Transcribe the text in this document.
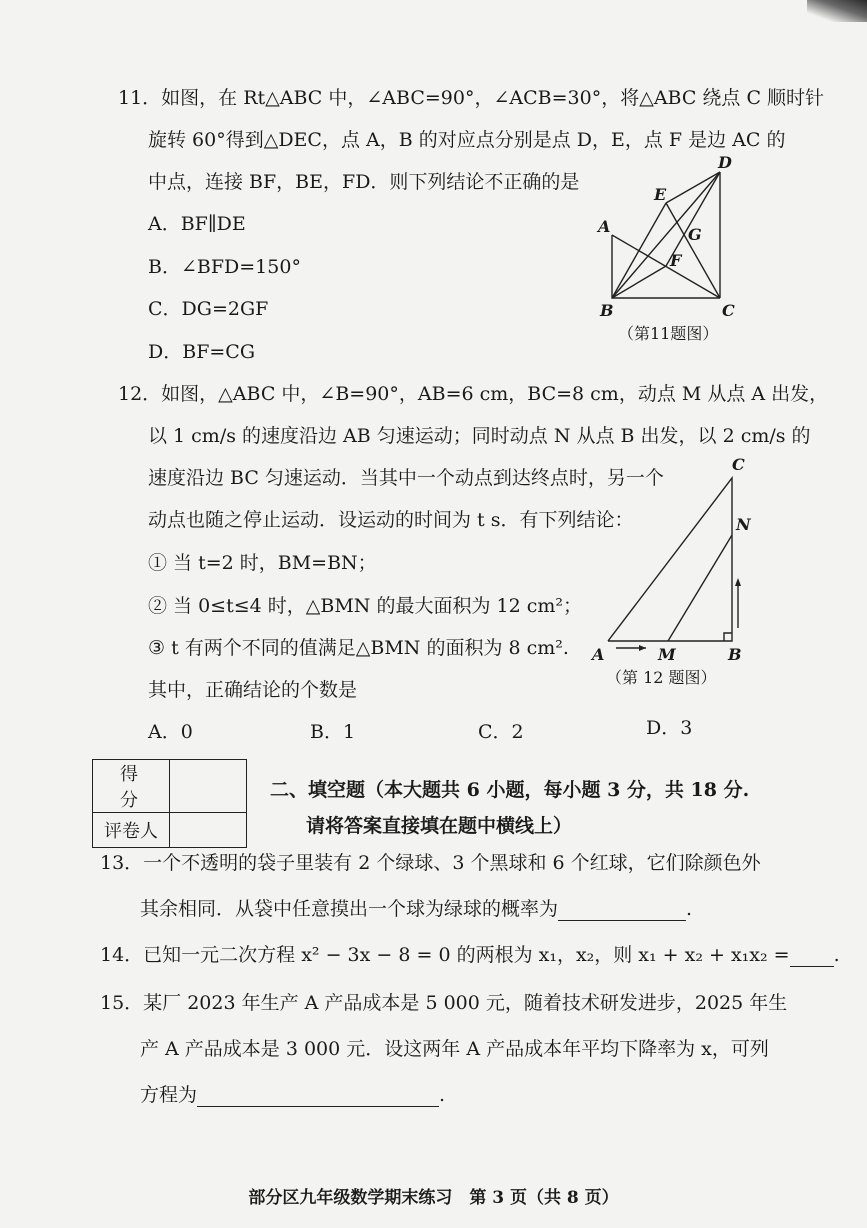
11．如图，在 Rt△ABC 中，∠ABC=90°，∠ACB=30°，将△ABC 绕点 C 顺时针
旋转 60°得到△DEC，点 A，B 的对应点分别是点 D，E，点 F 是边 AC 的
中点，连接 BF，BE，FD．则下列结论不正确的是
A．BF∥DE
B．∠BFD=150°
C．DG=2GF
D．BF=CG
A
B	C
D
E
F
G
（第11题图）
12．如图，△ABC 中，∠B=90°，AB=6 cm，BC=8 cm，动点 M 从点 A 出发，
以 1 cm/s 的速度沿边 AB 匀速运动；同时动点 N 从点 B 出发，以 2 cm/s 的
速度沿边 BC 匀速运动．当其中一个动点到达终点时，另一个
动点也随之停止运动．设运动的时间为 t s．有下列结论：
① 当 t=2 时，BM=BN；
② 当 0≤t≤4 时，△BMN 的最大面积为 12 cm²；
③ t 有两个不同的值满足△BMN 的面积为 8 cm².
其中，正确结论的个数是
A．0	B．1	C．2	D．3
A	M	B
N
C
（第 12 题图）
得　分	
评卷人	
二、填空题（本大题共 6 小题，每小题 3 分，共 18 分.
请将答案直接填在题中横线上）
13．一个不透明的袋子里装有 2 个绿球、3 个黑球和 6 个红球，它们除颜色外
其余相同．从袋中任意摸出一个球为绿球的概率为	.
14．已知一元二次方程 x² − 3x − 8 = 0 的两根为 x₁，x₂，则 x₁ + x₂ + x₁x₂ = .
15．某厂 2023 年生产 A 产品成本是 5 000 元，随着技术研发进步，2025 年生
产 A 产品成本是 3 000 元．设这两年 A 产品成本年平均下降率为 x，可列
方程为	.
部分区九年级数学期末练习　第 3 页（共 8 页）
